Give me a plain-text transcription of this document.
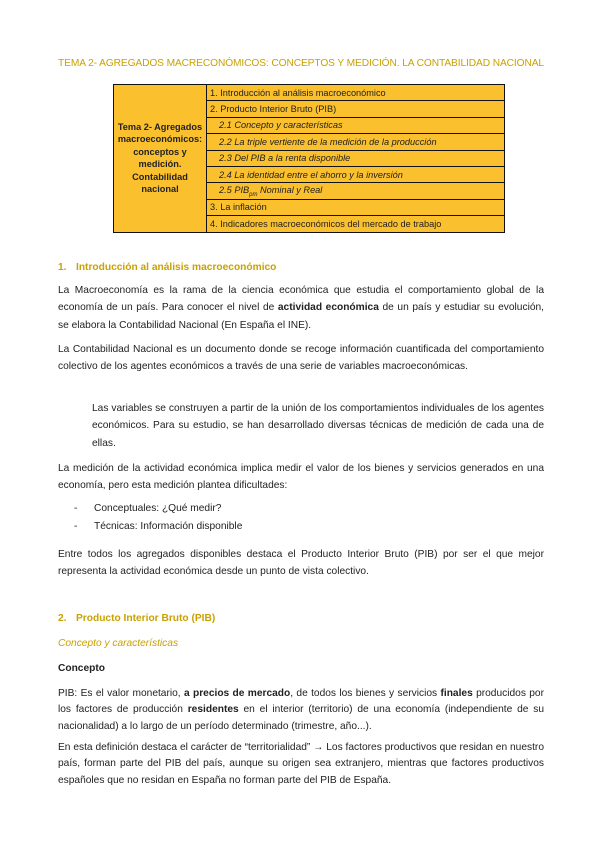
TEMA 2- AGREGADOS MACRECONÓMICOS: CONCEPTOS Y MEDICIÓN. LA CONTABILIDAD NACIONAL
Tema 2- Agregados macroeconómicos: conceptos y medición. Contabilidad nacional	1. Introducción al análisis macroeconómico
2. Producto Interior Bruto (PIB)
2.1 Concepto y características
2.2 La triple vertiente de la medición de la producción
2.3 Del PIB a la renta disponible
2.4 La identidad entre el ahorro y la inversión
2.5 $PIB_{pm}$ Nominal y Real
3. La inflación
4. Indicadores macroeconómicos del mercado de trabajo
1. Introducción al análisis macroeconómico
La Macroeconomía es la rama de la ciencia económica que estudia el comportamiento global de la economía de un país. Para conocer el nivel de actividad económica de un país y estudiar su evolución, se elabora la Contabilidad Nacional (En España el INE).
La Contabilidad Nacional es un documento donde se recoge información cuantificada del comportamiento colectivo de los agentes económicos a través de una serie de variables macroeconómicas.
Las variables se construyen a partir de la unión de los comportamientos individuales de los agentes económicos. Para su estudio, se han desarrollado diversas técnicas de medición de cada una de ellas.
La medición de la actividad económica implica medir el valor de los bienes y servicios generados en una economía, pero esta medición plantea dificultades:
- Conceptuales: ¿Qué medir?
- Técnicas: Información disponible
Entre todos los agregados disponibles destaca el Producto Interior Bruto (PIB) por ser el que mejor representa la actividad económica desde un punto de vista colectivo.
2. Producto Interior Bruto (PIB)
Concepto y características
Concepto
PIB: Es el valor monetario, a precios de mercado, de todos los bienes y servicios finales producidos por los factores de producción residentes en el interior (territorio) de una economía (independiente de su nacionalidad) a lo largo de un período determinado (trimestre, año...).
En esta definición destaca el carácter de “territorialidad” → Los factores productivos que residan en nuestro país, forman parte del PIB del país, aunque su origen sea extranjero, mientras que factores productivos españoles que no residan en España no forman parte del PIB de España.
